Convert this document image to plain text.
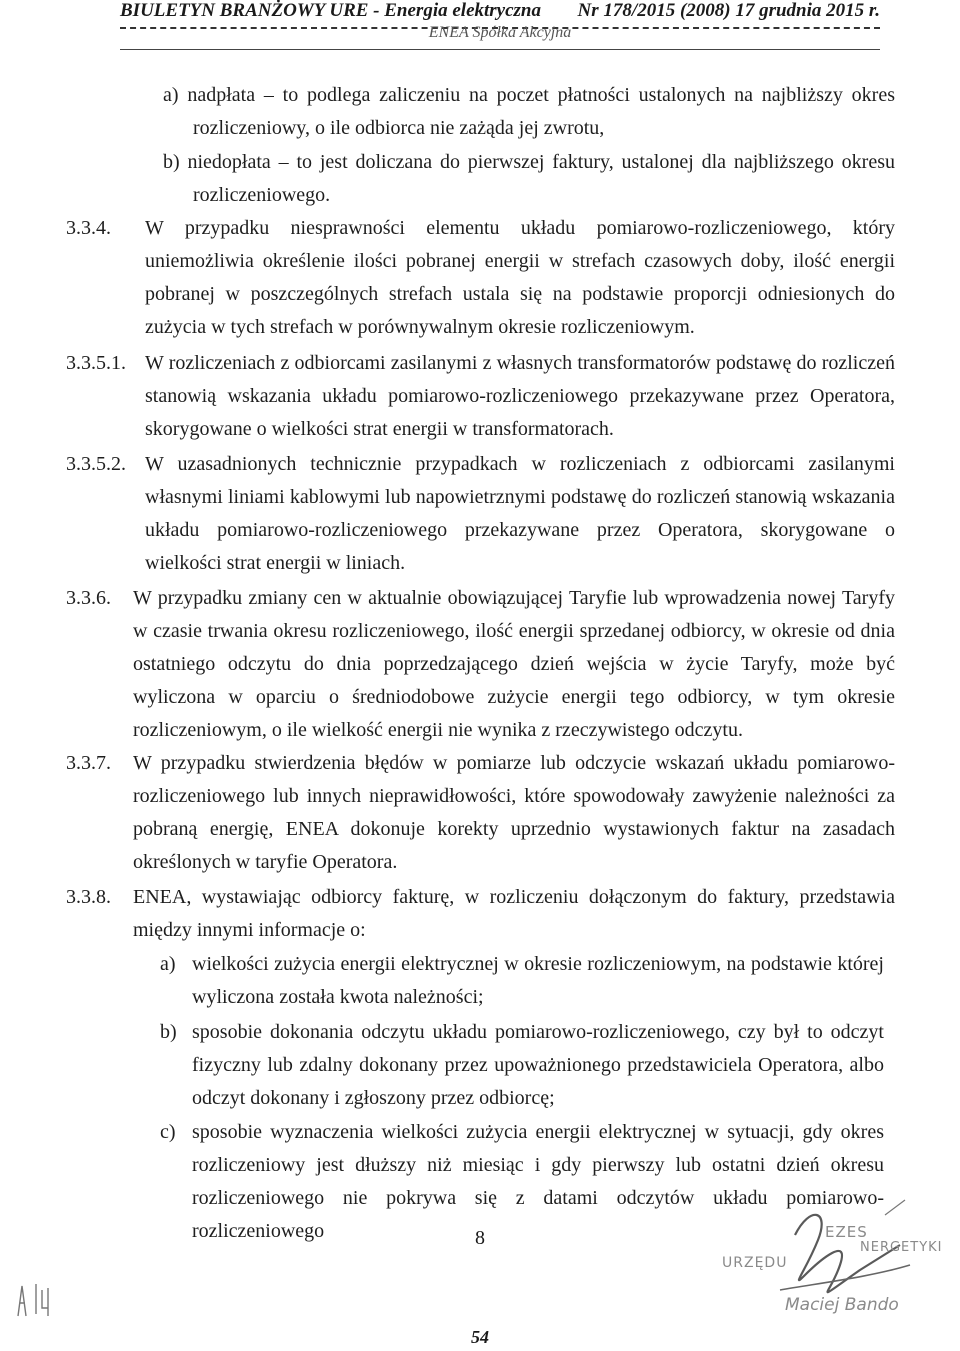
BIULETYN BRANŻOWY URE - Energia elektryczna Nr 178/2015 (2008) 17 grudnia 2015 r.
ENEA Spółka Akcyjna
a) nadpłata – to podlega zaliczeniu na poczet płatności ustalonych na najbliższy okres rozliczeniowy, o ile odbiorca nie zażąda jej zwrotu,
b) niedopłata – to jest doliczana do pierwszej faktury, ustalonej dla najbliższego okresu rozliczeniowego.
3.3.4. W przypadku niesprawności elementu układu pomiarowo-rozliczeniowego, który uniemożliwia określenie ilości pobranej energii w strefach czasowych doby, ilość energii pobranej w poszczególnych strefach ustala się na podstawie proporcji odniesionych do zużycia w tych strefach w porównywalnym okresie rozliczeniowym.
3.3.5.1. W rozliczeniach z odbiorcami zasilanymi z własnych transformatorów podstawę do rozliczeń stanowią wskazania układu pomiarowo-rozliczeniowego przekazywane przez Operatora, skorygowane o wielkości strat energii w transformatorach.
3.3.5.2. W uzasadnionych technicznie przypadkach w rozliczeniach z odbiorcami zasilanymi własnymi liniami kablowymi lub napowietrznymi podstawę do rozliczeń stanowią wskazania układu pomiarowo-rozliczeniowego przekazywane przez Operatora, skorygowane o wielkości strat energii w liniach.
3.3.6. W przypadku zmiany cen w aktualnie obowiązującej Taryfie lub wprowadzenia nowej Taryfy w czasie trwania okresu rozliczeniowego, ilość energii sprzedanej odbiorcy, w okresie od dnia ostatniego odczytu do dnia poprzedzającego dzień wejścia w życie Taryfy, może być wyliczona w oparciu o średniodobowe zużycie energii tego odbiorcy, w tym okresie rozliczeniowym, o ile wielkość energii nie wynika z rzeczywistego odczytu.
3.3.7. W przypadku stwierdzenia błędów w pomiarze lub odczycie wskazań układu pomiarowo-rozliczeniowego lub innych nieprawidłowości, które spowodowały zawyżenie należności za pobraną energię, ENEA dokonuje korekty uprzednio wystawionych faktur na zasadach określonych w taryfie Operatora.
3.3.8. ENEA, wystawiając odbiorcy fakturę, w rozliczeniu dołączonym do faktury, przedstawia między innymi informacje o:
a) wielkości zużycia energii elektrycznej w okresie rozliczeniowym, na podstawie której wyliczona została kwota należności;
b) sposobie dokonania odczytu układu pomiarowo-rozliczeniowego, czy był to odczyt fizyczny lub zdalny dokonany przez upoważnionego przedstawiciela Operatora, albo odczyt dokonany i zgłoszony przez odbiorcę;
c) sposobie wyznaczenia wielkości zużycia energii elektrycznej w sytuacji, gdy okres rozliczeniowy jest dłuższy niż miesiąc i gdy pierwszy lub ostatni dzień okresu rozliczeniowego nie pokrywa się z datami odczytów układu pomiarowo- rozliczeniowego	8
54
EZES
URZĘDU
NERGETYKI
Maciej Bando
